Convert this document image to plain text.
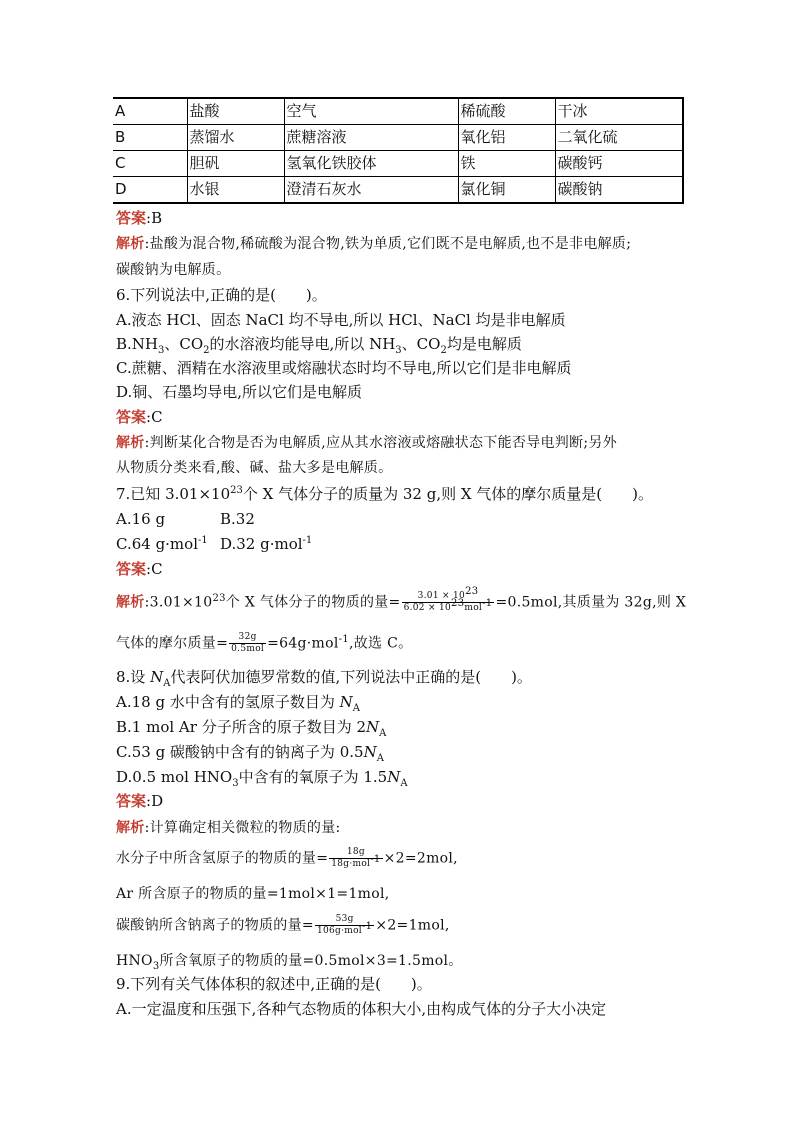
A	盐酸	空气	稀硫酸	干冰
B	蒸馏水	蔗糖溶液	氧化铝	二氧化硫
C	胆矾	氢氧化铁胶体	铁	碳酸钙
D	水银	澄清石灰水	氯化铜	碳酸钠
答案:B
解析:盐酸为混合物,稀硫酸为混合物,铁为单质,它们既不是电解质,也不是非电解质;
碳酸钠为电解质。
6.下列说法中,正确的是(　　)。
A.液态 HCl、固态 NaCl 均不导电,所以 HCl、NaCl 均是非电解质
$B.NH_3$、$CO_2$的水溶液均能导电,所以 $NH_3$、$CO_2$均是电解质
C.蔗糖、酒精在水溶液里或熔融状态时均不导电,所以它们是非电解质
D.铜、石墨均导电,所以它们是电解质
答案:C
解析:判断某化合物是否为电解质,应从其水溶液或熔融状态下能否导电判断;另外
从物质分类来看,酸、碱、盐大多是电解质。
7.已知 $3.01\times 10^{23}$个 X 气体分子的质量为 32 g,则 X 气体的摩尔质量是(　　)。
A.16 g	B.32
C.64 g·mol$^{-1}$ D.32 g·mol$^{-1}$
答案:C
解析$:3.01\times 10^{23}$个 X 气体分子的物质的量= $\frac{3.01 \times 10^{23}}{6.02 \times 10^{23}mol^{-1}} =0.5mol$,其质量为 32g,则 X
气体的摩尔质量= $\frac{32g}{\text{0.5mol}} =64g\cdot mol^{-1}$,故选 C。
8.设 $N_A$代表阿伏加德罗常数的值,下列说法中正确的是(　　)。
A.18 g 水中含有的氢原子数目为 $N_A$
B.1 mol Ar 分子所含的原子数目为 $2N_A$
C.53 g 碳酸钠中含有的钠离子为 $0.5N_A$
D.0.5 mol $HNO_3$中含有的氧原子为 $1.5N_A$
答案:D
解析:计算确定相关微粒的物质的量:
水分子中所含氢原子的物质的量= $\frac{18g}{18g\cdot mol^{-1}} \times 2=2mol$,
Ar 所含原子的物质的量=1mol×1=1mol,
碳酸钠所含钠离子的物质的量= $\frac{53g}{106g\cdot mol^{-1}} \times 2=1mol$,
$HNO_3$所含氧原子的物质的量=0.5mol×3=1.5mol。
9.下列有关气体体积的叙述中,正确的是(　　)。
A.一定温度和压强下,各种气态物质的体积大小,由构成气体的分子大小决定
